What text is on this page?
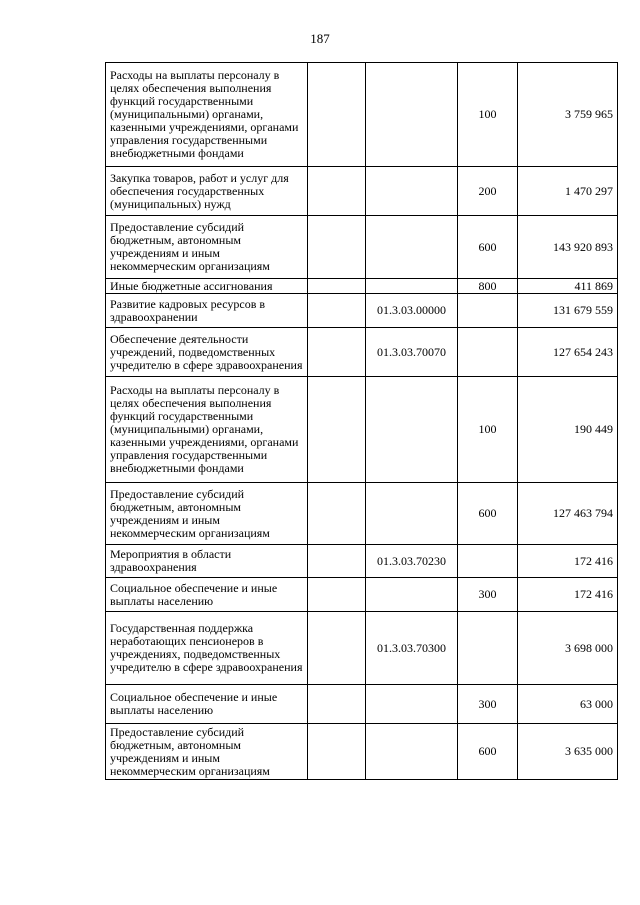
187
Расходы на выплаты персоналу в целях обеспечения выполнения функций государственными (муниципальными) органами, казенными учреждениями, органами управления государственными внебюджетными фондами			100	3 759 965
Закупка товаров, работ и услуг для обеспечения государственных (муниципальных) нужд			200	1 470 297
Предоставление субсидий бюджетным, автономным учреждениям и иным некоммерческим организациям			600	143 920 893
Иные бюджетные ассигнования			800	411 869
Развитие кадровых ресурсов в здравоохранении		01.3.03.00000		131 679 559
Обеспечение деятельности учреждений, подведомственных учредителю в сфере здравоохранения		01.3.03.70070		127 654 243
Расходы на выплаты персоналу в целях обеспечения выполнения функций государственными (муниципальными) органами, казенными учреждениями, органами управления государственными внебюджетными фондами			100	190 449
Предоставление субсидий бюджетным, автономным учреждениям и иным некоммерческим организациям			600	127 463 794
Мероприятия в области здравоохранения		01.3.03.70230		172 416
Социальное обеспечение и иные выплаты населению			300	172 416
Государственная поддержка неработающих пенсионеров в учреждениях, подведомственных учредителю в сфере здравоохранения		01.3.03.70300		3 698 000
Социальное обеспечение и иные выплаты населению			300	63 000
Предоставление субсидий бюджетным, автономным учреждениям и иным некоммерческим организациям			600	3 635 000
